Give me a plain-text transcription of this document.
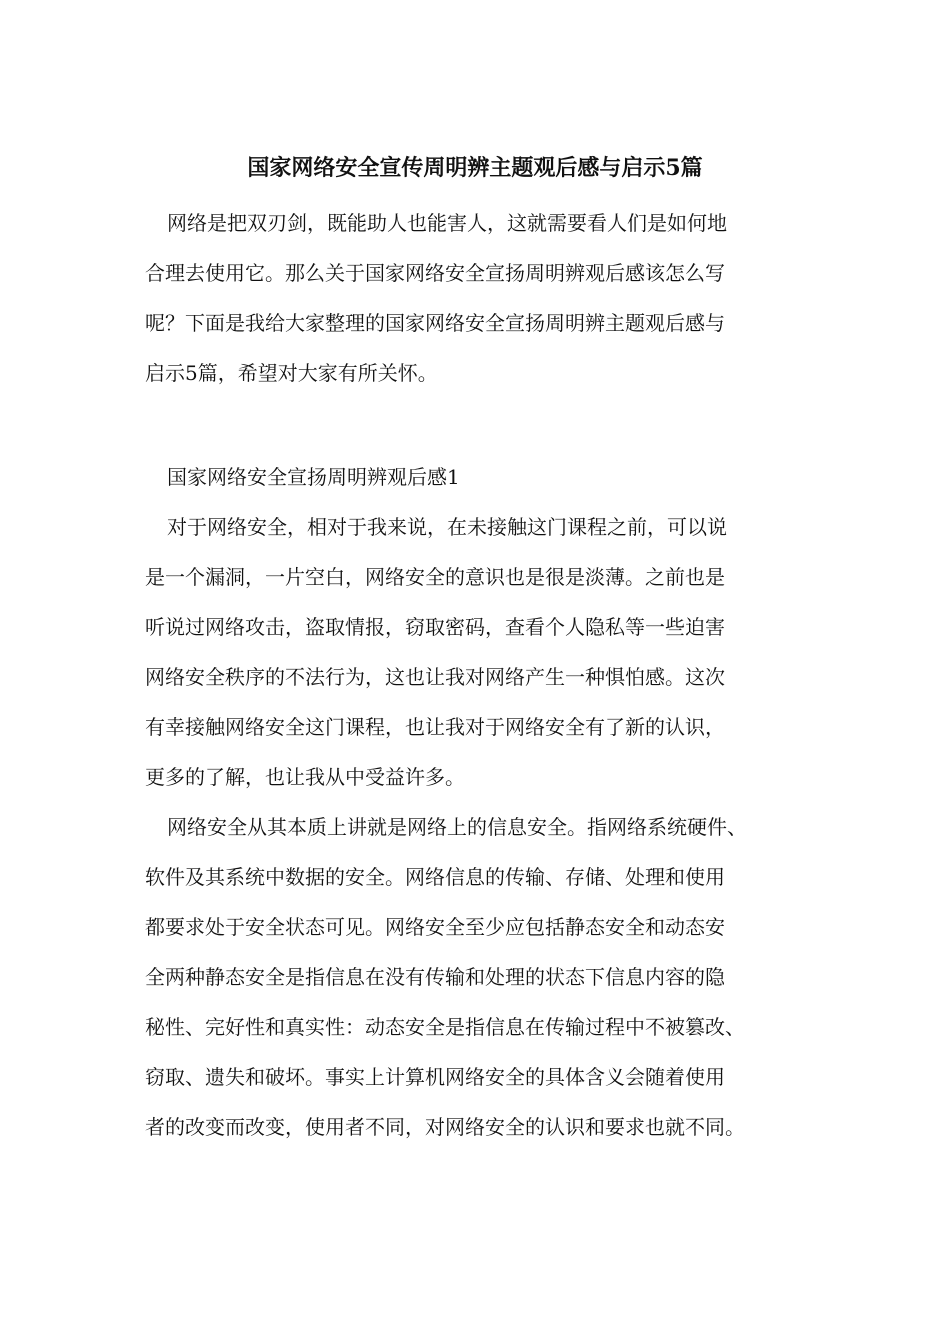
国家网络安全宣传周明辨主题观后感与启示5篇
网络是把双刃剑，既能助人也能害人，这就需要看人们是如何地
合理去使用它。那么关于国家网络安全宣扬周明辨观后感该怎么写
呢？下面是我给大家整理的国家网络安全宣扬周明辨主题观后感与
启示5篇，希望对大家有所关怀。
国家网络安全宣扬周明辨观后感1
对于网络安全，相对于我来说，在未接触这门课程之前，可以说
是一个漏洞，一片空白，网络安全的意识也是很是淡薄。之前也是
听说过网络攻击，盗取情报，窃取密码，查看个人隐私等一些迫害
网络安全秩序的不法行为，这也让我对网络产生一种惧怕感。这次
有幸接触网络安全这门课程，也让我对于网络安全有了新的认识，
更多的了解，也让我从中受益许多。
网络安全从其本质上讲就是网络上的信息安全。指网络系统硬件、
软件及其系统中数据的安全。网络信息的传输、存储、处理和使用
都要求处于安全状态可见。网络安全至少应包括静态安全和动态安
全两种静态安全是指信息在没有传输和处理的状态下信息内容的隐
秘性、完好性和真实性：动态安全是指信息在传输过程中不被篡改、
窃取、遗失和破坏。事实上计算机网络安全的具体含义会随着使用
者的改变而改变，使用者不同，对网络安全的认识和要求也就不同。
